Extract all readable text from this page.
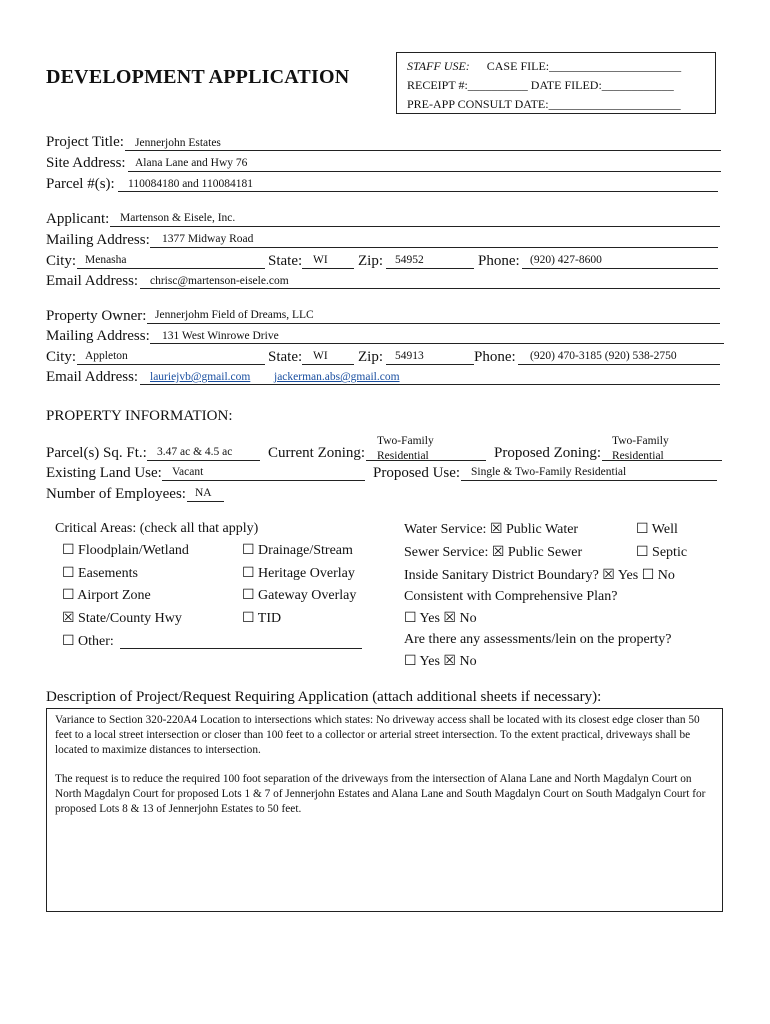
DEVELOPMENT APPLICATION	STAFF USE: CASE FILE:______________________
RECEIPT #:__________ DATE FILED:____________
PRE-APP CONSULT DATE:______________________
Project Title: Jennerjohn Estates
Site Address: Alana Lane and Hwy 76
Parcel #(s): 110084180 and 110084181
Applicant: Martenson & Eisele, Inc.
Mailing Address: 1377 Midway Road
City: Menasha	State: WI Zip: 54952	Phone: (920) 427-8600
Email Address: chrisc@martenson-eisele.com
Property Owner: Jennerjohm Field of Dreams, LLC
Mailing Address: 131 West Winrowe Drive
City: Appleton	State: WI Zip: 54913	Phone: (920) 470-3185 (920) 538-2750
Email Address: lauriejvb@gmail.com jackerman.abs@gmail.com
PROPERTY INFORMATION:
Parcel(s) Sq. Ft.: 3.47 ac & 4.5 ac Current Zoning:
Two-Family
Residential	Proposed Zoning:
Two-Family
Residential
Existing Land Use: Vacant	Proposed Use: Single & Two-Family Residential
Number of Employees: NA
Critical Areas: (check all that apply)
☐ Floodplain/Wetland	☐ Drainage/Stream
☐ Easements	☐ Heritage Overlay
☐ Airport Zone	☐ Gateway Overlay
☒ State/County Hwy	☐ TID
☐ Other:
Water Service: ☒ Public Water	☐ Well
Sewer Service: ☒ Public Sewer	☐ Septic
Inside Sanitary District Boundary? ☒ Yes ☐ No
Consistent with Comprehensive Plan?
☐ Yes ☒ No
Are there any assessments/lein on the property?
☐ Yes ☒ No
Description of Project/Request Requiring Application (attach additional sheets if necessary):

Variance to Section 320-220A4 Location to intersections which states: No driveway access shall be located with its closest edge closer than 50 feet to a local street intersection or closer than 100 feet to a collector or arterial street intersection. To the extent practical, driveways shall be located to maximize distances to intersection.

The request is to reduce the required 100 foot separation of the driveways from the intersection of Alana Lane and North Magdalyn Court on North Magdalyn Court for proposed Lots 1 & 7 of Jennerjohn Estates and Alana Lane and South Magdalyn Court on South Madgalyn Court for proposed Lots 8 & 13 of Jennerjohn Estates to 50 feet.
